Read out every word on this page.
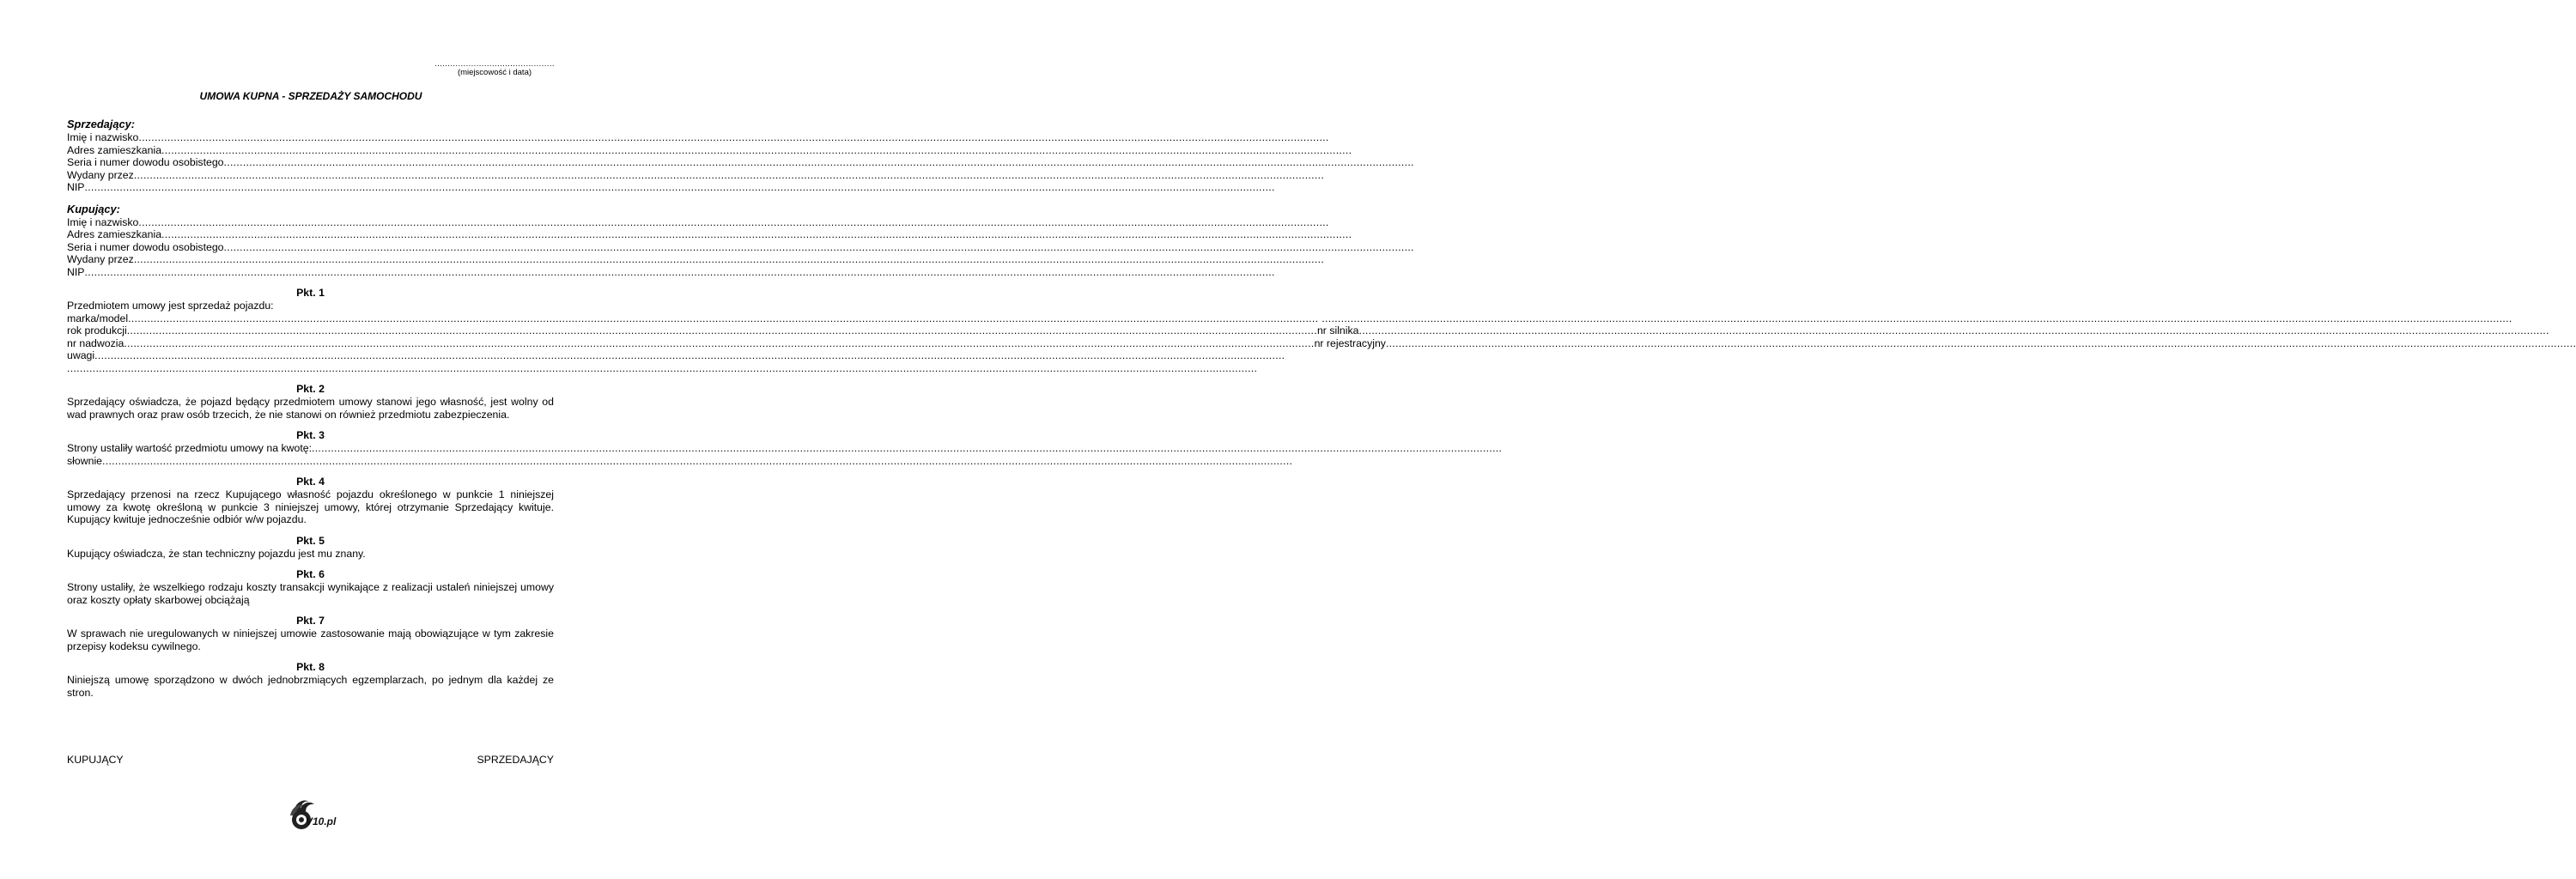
..............................................
(miejscowość i data)
UMOWA KUPNA - SPRZEDAŻY SAMOCHODU
Sprzedający:
Imię i nazwisko
.....
Adres zamieszkania
.....
Seria i numer dowodu osobistego
.....
Wydany przez
.....
NIP
.....
Kupujący:
Imię i nazwisko
.....
Adres zamieszkania
.....
Seria i numer dowodu osobistego
.....
Wydany przez
.....
NIP
.....
Pkt. 1
Przedmiotem umowy jest sprzedaż pojazdu:
marka/model
.....
.....
rok produkcji .....	nr silnika
.....
nr nadwozia .....	nr rejestracyjny
.....
uwagi
.....
.....
Pkt. 2
Sprzedający oświadcza, że pojazd będący przedmiotem umowy stanowi jego własność, jest wolny od wad prawnych oraz praw osób trzecich, że nie stanowi on również przedmiotu zabezpieczenia.
Pkt. 3
Strony ustaliły wartość przedmiotu umowy na kwotę:
.....
słownie
.....
Pkt. 4
Sprzedający przenosi na rzecz Kupującego własność pojazdu określonego w punkcie 1 niniejszej umowy za kwotę określoną w punkcie 3 niniejszej umowy, której otrzymanie Sprzedający kwituje. Kupujący kwituje jednocześnie odbiór w/w pojazdu.
Pkt. 5
Kupujący oświadcza, że stan techniczny pojazdu jest mu znany.
Pkt. 6
Strony ustaliły, że wszelkiego rodzaju koszty transakcji wynikające z realizacji ustaleń niniejszej umowy oraz koszty opłaty skarbowej obciążają
Pkt. 7
W sprawach nie uregulowanych w niniejszej umowie zastosowanie mają obowiązujące w tym zakresie przepisy kodeksu cywilnego.
Pkt. 8
Niniejszą umowę sporządzono w dwóch jednobrzmiących egzemplarzach, po jednym dla każdej ze stron.
KUPUJĄCY	SPRZEDAJĄCY
V10.pl
